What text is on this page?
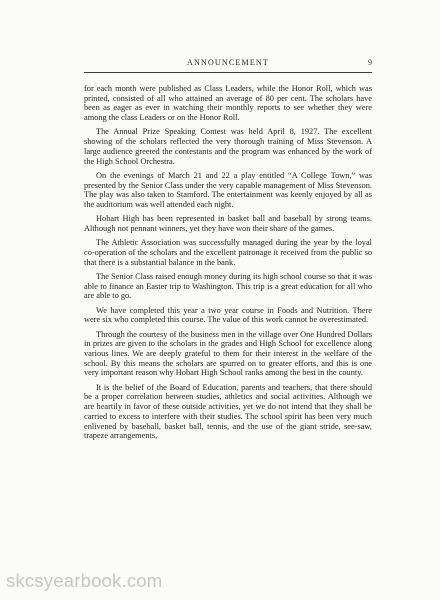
ANNOUNCEMENT	9

for each month were published as Class Leaders, while the Honor Roll, which was printed, consisted of all who attained an average of 80 per cent. The scholars have been as eager as ever in watching their monthly reports to see whether they were among the class Leaders or on the Honor Roll.

The Annual Prize Speaking Contest was held April 8, 1927. The excellent showing of the scholars reflected the very thorough training of Miss Stevenson. A large audience greeted the contestants and the program was enhanced by the work of the High School Orchestra.

On the evenings of March 21 and 22 a play entitled “A College Town,” was presented by the Senior Class under the very capable management of Miss Stevenson. The play was also taken to Stamford. The entertainment was keenly enjoyed by all as the auditorium was well attended each night.

Hobart High has been represented in basket ball and baseball by strong teams. Although not pennant winners, yet they have won their share of the games.

The Athletic Association was successfully managed during the year by the loyal co-operation of the scholars and the excellent patronage it received from the public so that there is a substantial balance in the bank.

The Senior Class raised enough money during its high school course so that it was able to finance an Easter trip to Washington. This trip is a great education for all who are able to go.

We have completed this year a two year course in Foods and Nutrition. There were six who completed this course. The value of this work cannot be overestimated.

Through the courtesy of the business men in the village over One Hundred Dollars in prizes are given to the scholars in the grades and High School for excellence along various lines. We are deeply grateful to them for their interest in the welfare of the school. By this means the scholars are spurred on to greater efforts, and this is one very important reason why Hobart High School ranks among the best in the county.

It is the belief of the Board of Education, parents and teachers, that there should be a proper correlation between studies, athletics and social activities. Although we are heartily in favor of these outside activities, yet we do not intend that they shall be carried to excess to interfere with their studies. The school spirit has been very much enlivened by baseball, basket ball, tennis, and the use of the giant stride, see-saw, trapeze arrangements,

skcsyearbook.com
